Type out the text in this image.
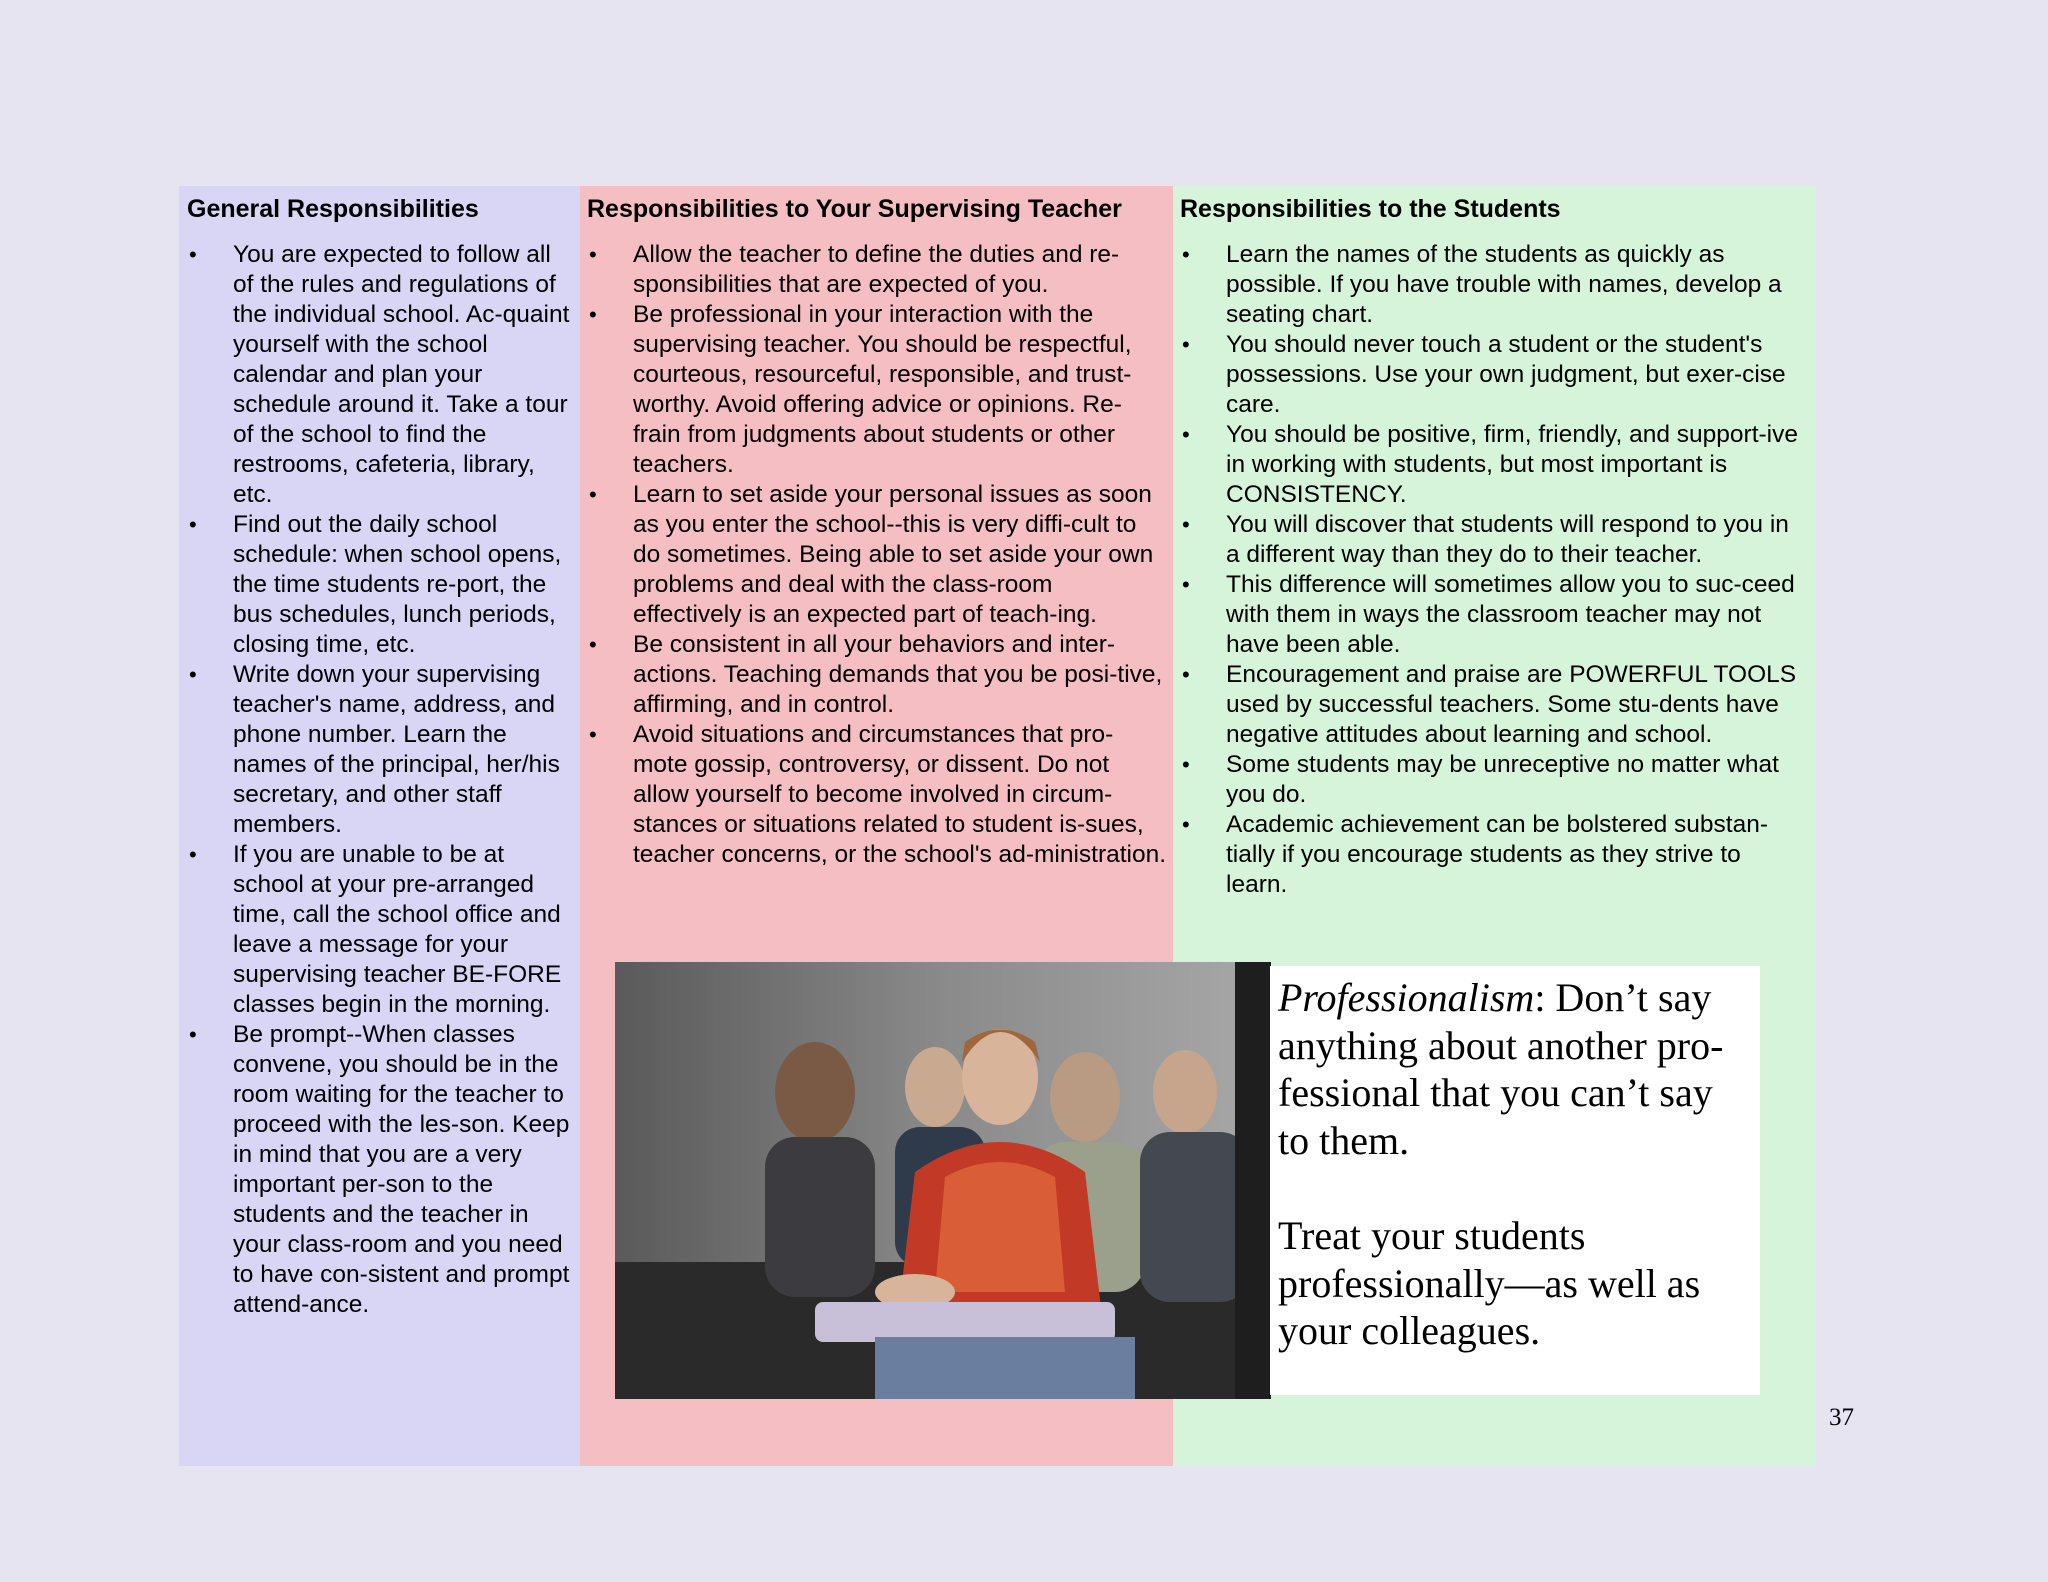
General Responsibilities	Responsibilities to Your Supervising Teacher Responsibilities to the Students
• You are expected to follow all of the rules and regulations of the individual school. Ac-quaint yourself with the school calendar and plan your schedule around it. Take a tour of the school to find the restrooms, cafeteria, library, etc.
• Find out the daily school schedule: when school opens, the time students re-port, the bus schedules, lunch periods, closing time, etc.
• Write down your supervising teacher's name, address, and phone number. Learn the names of the principal, her/his secretary, and other staff members.
• If you are unable to be at school at your pre-arranged time, call the school office and leave a message for your supervising teacher BE-FORE classes begin in the morning.
• Be prompt--When classes convene, you should be in the room waiting for the teacher to proceed with the les-son. Keep in mind that you are a very important per-son to the students and the teacher in your class-room and you need to have con-sistent and prompt attend-ance.
• Allow the teacher to define the duties and re-sponsibilities that are expected of you.
• Be professional in your interaction with the supervising teacher. You should be respectful, courteous, resourceful, responsible, and trust-worthy. Avoid offering advice or opinions. Re-frain from judgments about students or other teachers.
• Learn to set aside your personal issues as soon as you enter the school--this is very diffi-cult to do sometimes. Being able to set aside your own problems and deal with the class-room effectively is an expected part of teach-ing.
• Be consistent in all your behaviors and inter-actions. Teaching demands that you be posi-tive, affirming, and in control.
• Avoid situations and circumstances that pro-mote gossip, controversy, or dissent. Do not allow yourself to become involved in circum-stances or situations related to student is-sues, teacher concerns, or the school's ad-ministration.
• Learn the names of the students as quickly as possible. If you have trouble with names, develop a seating chart.
• You should never touch a student or the student's possessions. Use your own judgment, but exer-cise care.
• You should be positive, firm, friendly, and support-ive in working with students, but most important is CONSISTENCY.
• You will discover that students will respond to you in a different way than they do to their teacher.
• This difference will sometimes allow you to suc-ceed with them in ways the classroom teacher may not have been able.
• Encouragement and praise are POWERFUL TOOLS used by successful teachers. Some stu-dents have negative attitudes about learning and school.
• Some students may be unreceptive no matter what you do.
• Academic achievement can be bolstered substan-tially if you encourage students as they strive to learn.

Professionalism: Don’t say anything about another pro-fessional that you can’t say to them.

Treat your students professionally—as well as your colleagues.

37
